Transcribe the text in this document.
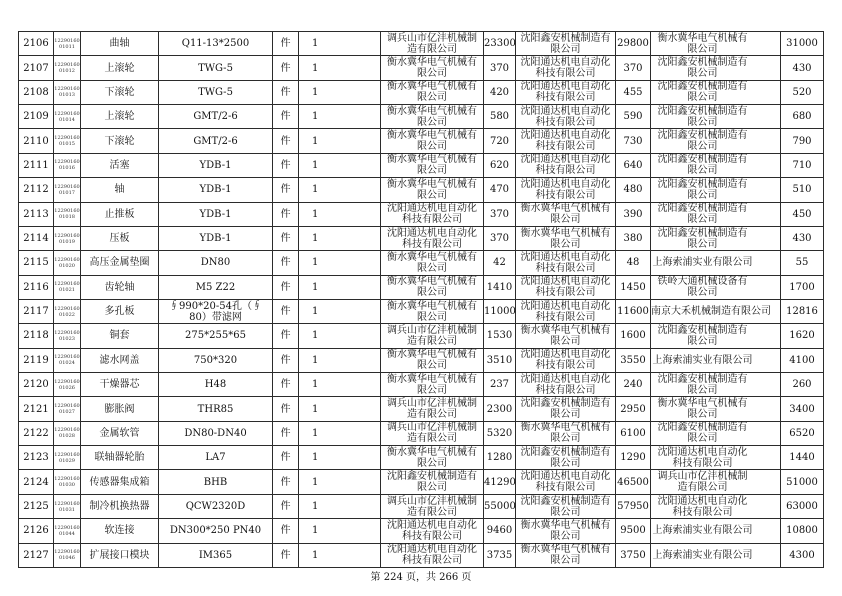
2106	12290160
01011	曲轴	Q11-13*2500	件	1	调兵山市亿沣机械制
造有限公司	23300	沈阳鑫安机械制造有
限公司	29800	衡水冀华电气机械有
限公司	31000
2107	12290160
01012	上滚轮	TWG-5	件	1	衡水冀华电气机械有
限公司	370	沈阳通达机电自动化
科技有限公司	370	沈阳鑫安机械制造有
限公司	430
2108	12290160
01013	下滚轮	TWG-5	件	1	衡水冀华电气机械有
限公司	420	沈阳通达机电自动化
科技有限公司	455	沈阳鑫安机械制造有
限公司	520
2109	12290160
01014	上滚轮	GMT/2-6	件	1	衡水冀华电气机械有
限公司	580	沈阳通达机电自动化
科技有限公司	590	沈阳鑫安机械制造有
限公司	680
2110	12290160
01015	下滚轮	GMT/2-6	件	1	衡水冀华电气机械有
限公司	720	沈阳通达机电自动化
科技有限公司	730	沈阳鑫安机械制造有
限公司	790
2111	12290160
01016	活塞	YDB-1	件	1	衡水冀华电气机械有
限公司	620	沈阳通达机电自动化
科技有限公司	640	沈阳鑫安机械制造有
限公司	710
2112	12290160
01017	轴	YDB-1	件	1	衡水冀华电气机械有
限公司	470	沈阳通达机电自动化
科技有限公司	480	沈阳鑫安机械制造有
限公司	510
2113	12290160
01018	止推板	YDB-1	件	1	沈阳通达机电自动化
科技有限公司	370	衡水冀华电气机械有
限公司	390	沈阳鑫安机械制造有
限公司	450
2114	12290160
01019	压板	YDB-1	件	1	沈阳通达机电自动化
科技有限公司	370	衡水冀华电气机械有
限公司	380	沈阳鑫安机械制造有
限公司	430
2115	12290160
01020	高压金属垫圈	DN80	件	1	衡水冀华电气机械有
限公司	42	沈阳通达机电自动化
科技有限公司	48	上海索浦实业有限公司	55
2116	12290160
01021	齿轮轴	M5 Z22	件	1	衡水冀华电气机械有
限公司	1410	沈阳通达机电自动化
科技有限公司	1450	铁岭大通机械设备有
限公司	1700
2117	12290160
01022	多孔板	∮990*20-54孔（∮
80）带滤网	件	1	衡水冀华电气机械有
限公司	11000	沈阳通达机电自动化
科技有限公司	11600	南京大禾机械制造有限公司	12816
2118	12290160
01023	铜套	275*255*65	件	1	调兵山市亿沣机械制
造有限公司	1530	衡水冀华电气机械有
限公司	1600	沈阳鑫安机械制造有
限公司	1620
2119	12290160
01024	滤水网盖	750*320	件	1	衡水冀华电气机械有
限公司	3510	沈阳通达机电自动化
科技有限公司	3550	上海索浦实业有限公司	4100
2120	12290160
01026	干燥器芯	H48	件	1	衡水冀华电气机械有
限公司	237	沈阳通达机电自动化
科技有限公司	240	沈阳鑫安机械制造有
限公司	260
2121	12290160
01027	膨胀阀	THR85	件	1	调兵山市亿沣机械制
造有限公司	2300	沈阳鑫安机械制造有
限公司	2950	衡水冀华电气机械有
限公司	3400
2122	12290160
01028	金属软管	DN80-DN40	件	1	调兵山市亿沣机械制
造有限公司	5320	衡水冀华电气机械有
限公司	6100	沈阳鑫安机械制造有
限公司	6520
2123	12290160
01029	联轴器轮胎	LA7	件	1	衡水冀华电气机械有
限公司	1280	沈阳鑫安机械制造有
限公司	1290	沈阳通达机电自动化
科技有限公司	1440
2124	12290160
01030	传感器集成箱	BHB	件	1	沈阳鑫安机械制造有
限公司	41290	沈阳通达机电自动化
科技有限公司	46500	调兵山市亿沣机械制
造有限公司	51000
2125	12290160
01031	制冷机换热器	QCW2320D	件	1	调兵山市亿沣机械制
造有限公司	55000	沈阳鑫安机械制造有
限公司	57950	沈阳通达机电自动化
科技有限公司	63000
2126	12290160
01044	软连接	DN300*250 PN40	件	1	沈阳通达机电自动化
科技有限公司	9460	衡水冀华电气机械有
限公司	9500	上海索浦实业有限公司	10800
2127	12290160
01046	扩展接口模块	IM365	件	1	沈阳通达机电自动化
科技有限公司	3735	衡水冀华电气机械有
限公司	3750	上海索浦实业有限公司	4300
第 224 页，共 266 页
